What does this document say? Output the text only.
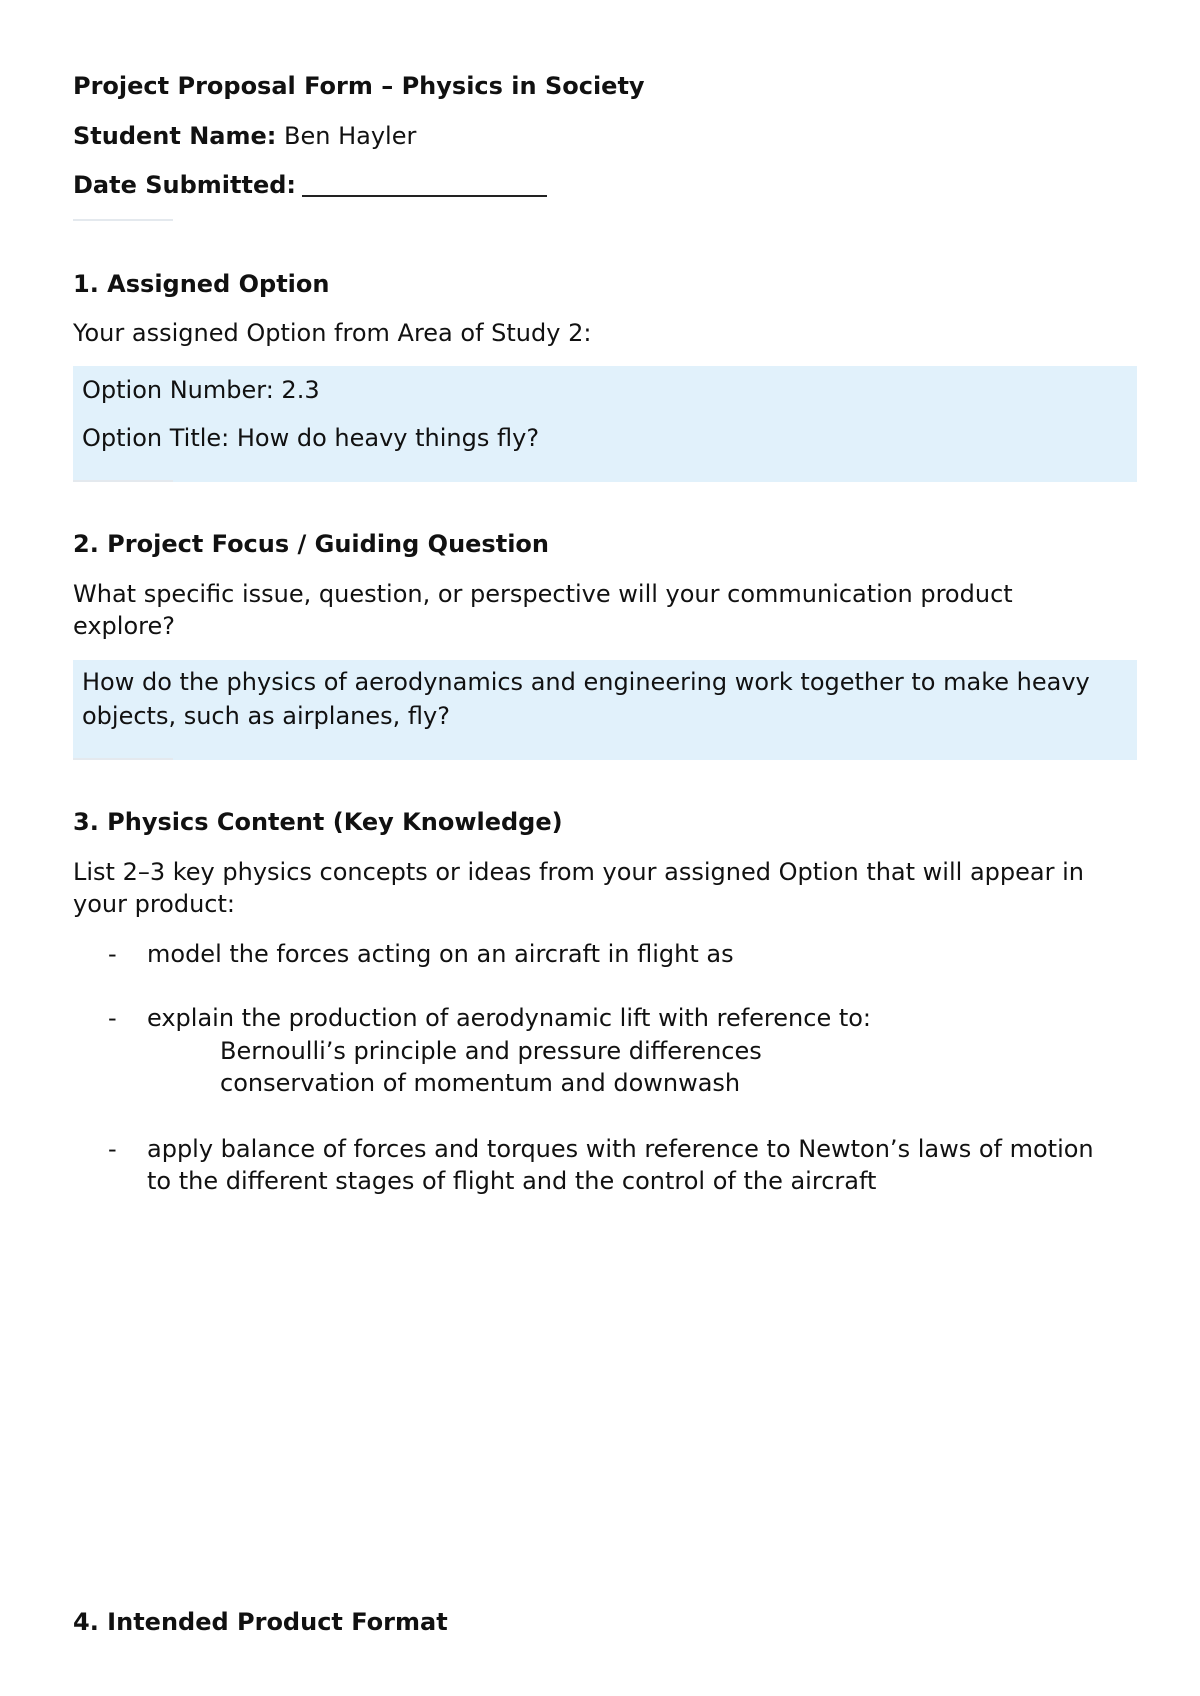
Project Proposal Form – Physics in Society
Student Name: Ben Hayler
Date Submitted:
1. Assigned Option
Your assigned Option from Area of Study 2:
Option Number: 2.3
Option Title: How do heavy things fly?
2. Project Focus / Guiding Question
What specific issue, question, or perspective will your communication product
explore?
How do the physics of aerodynamics and engineering work together to make heavy
objects, such as airplanes, fly?
3. Physics Content (Key Knowledge)
List 2–3 key physics concepts or ideas from your assigned Option that will appear in
your product:
- model the forces acting on an aircraft in flight as
- explain the production of aerodynamic lift with reference to:
Bernoulli’s principle and pressure differences
conservation of momentum and downwash
- apply balance of forces and torques with reference to Newton’s laws of motion
to the different stages of flight and the control of the aircraft
4. Intended Product Format
